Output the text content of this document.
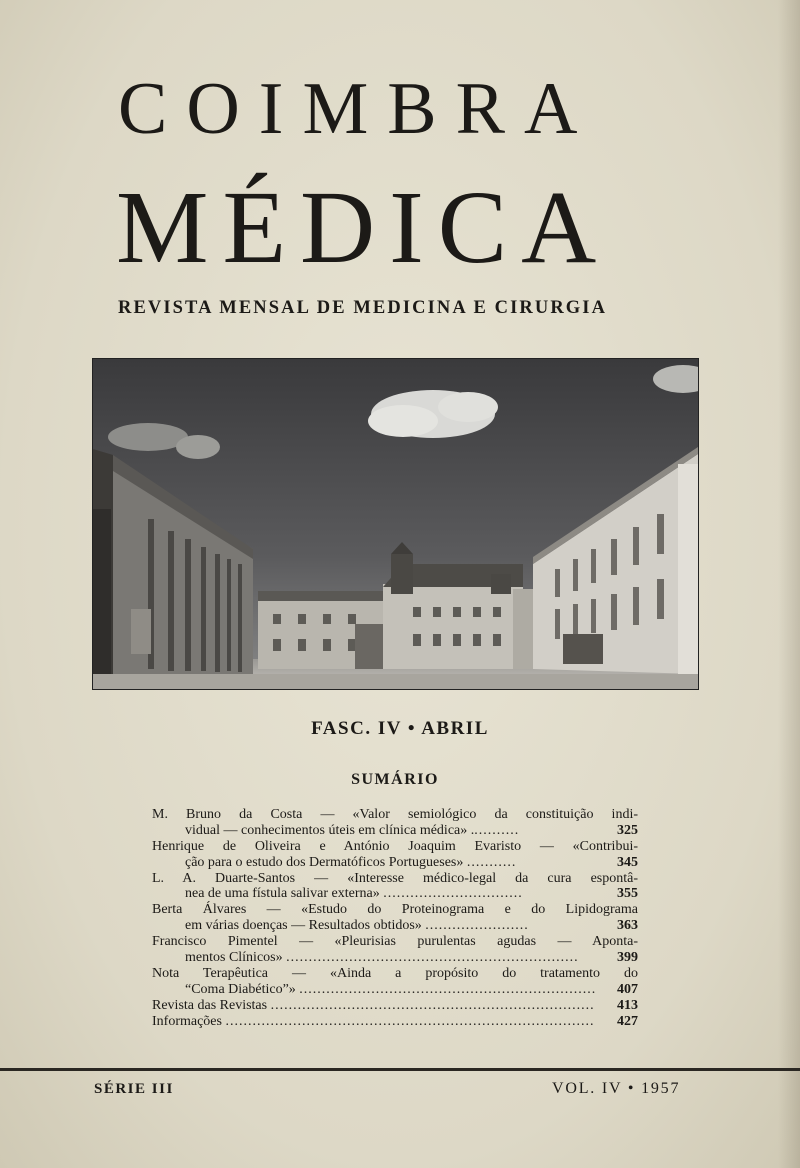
COIMBRA
MÉDICA
REVISTA MENSAL DE MEDICINA E CIRURGIA
FASC. IV • ABRIL
SUMÁRIO
M. Bruno da Costa — «Valor semiológico da constituição indi-
vidual — conhecimentos úteis em clínica médica» ...........	325
Henrique de Oliveira e António Joaquim Evaristo — «Contribui-
ção para o estudo dos Dermatóficos Portugueses» ...........	345
L. A. Duarte-Santos — «Interesse médico-legal da cura espontâ-
nea de uma fístula salivar externa» ...............................	355
Berta Álvares — «Estudo do Proteinograma e do Lipidograma
em várias doenças — Resultados obtidos» .......................	363
Francisco Pimentel — «Pleurisias purulentas agudas — Aponta-
mentos Clínicos» .................................................................	399
Nota Terapêutica — «Ainda a propósito do tratamento do
“Coma Diabético”» .................................................................. 407
Revista das Revistas ........................................................................ 413
Informações .................................................................................. 427
SÉRIE III	VOL. IV • 1957
